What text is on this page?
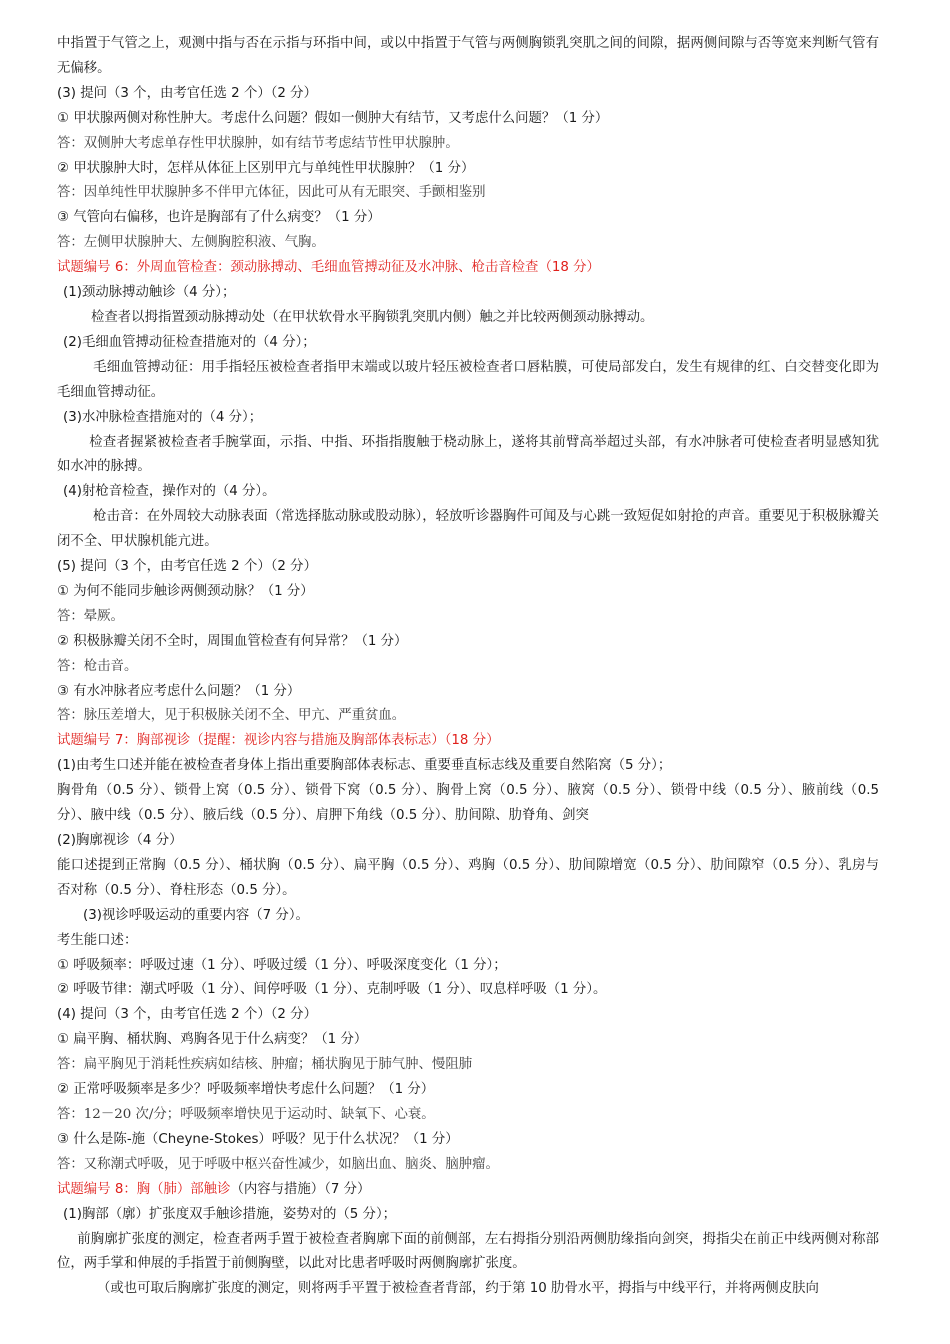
中指置于气管之上，观测中指与否在示指与环指中间，或以中指置于气管与两侧胸锁乳突肌之间的间隙，据两侧间隙与否等宽来判断气管有无偏移。
(3) 提问（3 个，由考官任选 2 个）（2 分）
① 甲状腺两侧对称性肿大。考虑什么问题？假如一侧肿大有结节，又考虑什么问题？（1 分）
答：双侧肿大考虑单存性甲状腺肿，如有结节考虑结节性甲状腺肿。
② 甲状腺肿大时，怎样从体征上区别甲亢与单纯性甲状腺肿？（1 分）
答：因单纯性甲状腺肿多不伴甲亢体征，因此可从有无眼突、手颤相鉴别
③ 气管向右偏移，也许是胸部有了什么病变？（1 分）
答：左侧甲状腺肿大、左侧胸腔积液、气胸。
试题编号 6：外周血管检查：颈动脉搏动、毛细血管搏动征及水冲脉、枪击音检查（18 分）
(1)颈动脉搏动触诊（4 分）；
检查者以拇指置颈动脉搏动处（在甲状软骨水平胸锁乳突肌内侧）触之并比较两侧颈动脉搏动。
(2)毛细血管搏动征检查措施对的（4 分）；
毛细血管搏动征：用手指轻压被检查者指甲末端或以玻片轻压被检查者口唇粘膜，可使局部发白，发生有规律的红、白交替变化即为毛细血管搏动征。
(3)水冲脉检查措施对的（4 分）；
检查者握紧被检查者手腕掌面，示指、中指、环指指腹触于桡动脉上，遂将其前臂高举超过头部，有水冲脉者可使检查者明显感知犹如水冲的脉搏。
(4)射枪音检查，操作对的（4 分）。
枪击音：在外周较大动脉表面（常选择肱动脉或股动脉），轻放听诊器胸件可闻及与心跳一致短促如射抢的声音。重要见于积极脉瓣关闭不全、甲状腺机能亢进。
(5) 提问（3 个，由考官任选 2 个）（2 分）
① 为何不能同步触诊两侧颈动脉？（1 分）
答：晕厥。
② 积极脉瓣关闭不全时，周围血管检查有何异常？（1 分）
答：枪击音。
③ 有水冲脉者应考虑什么问题？（1 分）
答：脉压差增大，见于积极脉关闭不全、甲亢、严重贫血。
试题编号 7：胸部视诊（提醒：视诊内容与措施及胸部体表标志）（18 分）
(1)由考生口述并能在被检查者身体上指出重要胸部体表标志、重要垂直标志线及重要自然陷窝（5 分）；
胸骨角（0.5 分）、锁骨上窝（0.5 分）、锁骨下窝（0.5 分）、胸骨上窝（0.5 分）、腋窝（0.5 分）、锁骨中线（0.5 分）、腋前线（0.5 分）、腋中线（0.5 分）、腋后线（0.5 分）、肩胛下角线（0.5 分）、肋间隙、肋脊角、剑突
(2)胸廓视诊（4 分）
能口述提到正常胸（0.5 分）、桶状胸（0.5 分）、扁平胸（0.5 分）、鸡胸（0.5 分）、肋间隙增宽（0.5 分）、肋间隙窄（0.5 分）、乳房与否对称（0.5 分）、脊柱形态（0.5 分）。
(3)视诊呼吸运动的重要内容（7 分）。
考生能口述：
① 呼吸频率：呼吸过速（1 分）、呼吸过缓（1 分）、呼吸深度变化（1 分）；
② 呼吸节律：潮式呼吸（1 分）、间停呼吸（1 分）、克制呼吸（1 分）、叹息样呼吸（1 分）。
(4) 提问（3 个，由考官任选 2 个）（2 分）
① 扁平胸、桶状胸、鸡胸各见于什么病变？（1 分）
答：扁平胸见于消耗性疾病如结核、肿瘤；桶状胸见于肺气肿、慢阻肺
② 正常呼吸频率是多少？呼吸频率增快考虑什么问题？（1 分）
答：12－20 次/分；呼吸频率增快见于运动时、缺氧下、心衰。
③ 什么是陈-施（Cheyne-Stokes）呼吸？见于什么状况？（1 分）
答：又称潮式呼吸，见于呼吸中枢兴奋性减少，如脑出血、脑炎、脑肿瘤。
试题编号 8：胸（肺）部触诊（内容与措施）（7 分）
(1)胸部（廓）扩张度双手触诊措施，姿势对的（5 分）；
前胸廓扩张度的测定，检查者两手置于被检查者胸廓下面的前侧部，左右拇指分别沿两侧肋缘指向剑突，拇指尖在前正中线两侧对称部位，两手掌和伸展的手指置于前侧胸壁，以此对比患者呼吸时两侧胸廓扩张度。
（或也可取后胸廓扩张度的测定，则将两手平置于被检查者背部，约于第 10 肋骨水平，拇指与中线平行，并将两侧皮肤向
